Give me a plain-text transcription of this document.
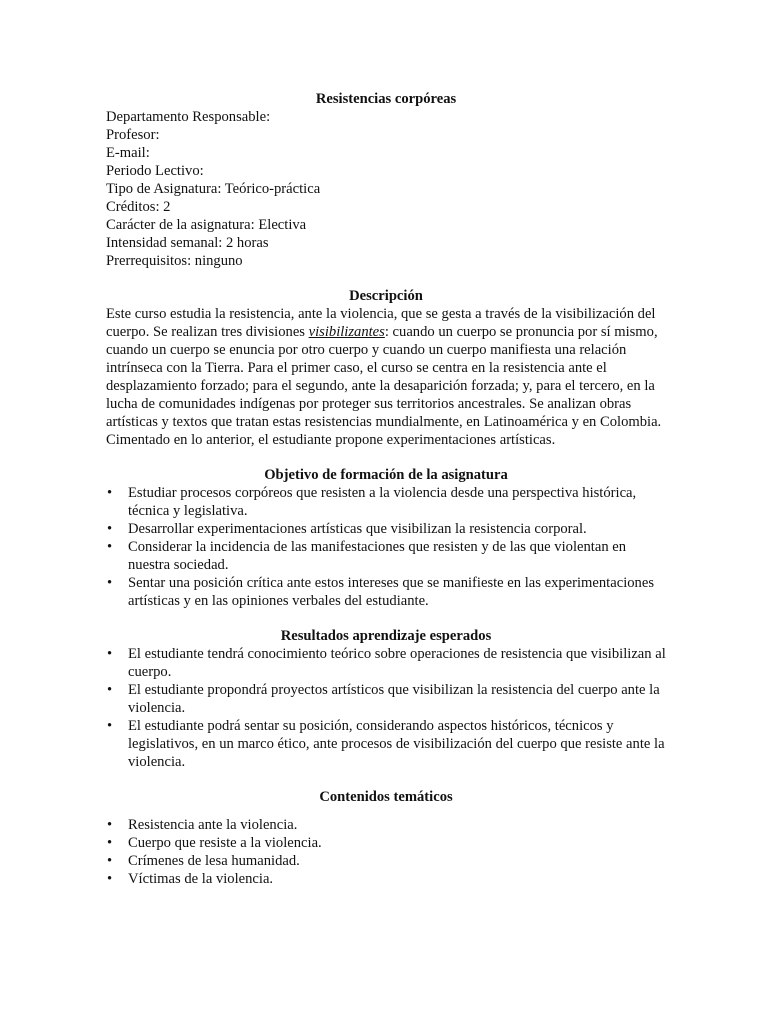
Resistencias corpóreas

Departamento Responsable:

Profesor:

E-mail:

Periodo Lectivo:

Tipo de Asignatura: Teórico-práctica

Créditos: 2

Carácter de la asignatura: Electiva

Intensidad semanal: 2 horas

Prerrequisitos: ninguno

Descripción

Este curso estudia la resistencia, ante la violencia, que se gesta a través de la visibilización del cuerpo. Se realizan tres divisiones visibilizantes: cuando un cuerpo se pronuncia por sí mismo, cuando un cuerpo se enuncia por otro cuerpo y cuando un cuerpo manifiesta una relación intrínseca con la Tierra. Para el primer caso, el curso se centra en la resistencia ante el desplazamiento forzado; para el segundo, ante la desaparición forzada; y, para el tercero, en la lucha de comunidades indígenas por proteger sus territorios ancestrales. Se analizan obras artísticas y textos que tratan estas resistencias mundialmente, en Latinoamérica y en Colombia. Cimentado en lo anterior, el estudiante propone experimentaciones artísticas.

Objetivo de formación de la asignatura

• Estudiar procesos corpóreos que resisten a la violencia desde una perspectiva histórica, técnica y legislativa.
• Desarrollar experimentaciones artísticas que visibilizan la resistencia corporal.
• Considerar la incidencia de las manifestaciones que resisten y de las que violentan en nuestra sociedad.
• Sentar una posición crítica ante estos intereses que se manifieste en las experimentaciones artísticas y en las opiniones verbales del estudiante.

Resultados aprendizaje esperados

• El estudiante tendrá conocimiento teórico sobre operaciones de resistencia que visibilizan al cuerpo.
• El estudiante propondrá proyectos artísticos que visibilizan la resistencia del cuerpo ante la violencia.
• El estudiante podrá sentar su posición, considerando aspectos históricos, técnicos y legislativos, en un marco ético, ante procesos de visibilización del cuerpo que resiste ante la violencia.

Contenidos temáticos

• Resistencia ante la violencia.
• Cuerpo que resiste a la violencia.
• Crímenes de lesa humanidad.
• Víctimas de la violencia.
